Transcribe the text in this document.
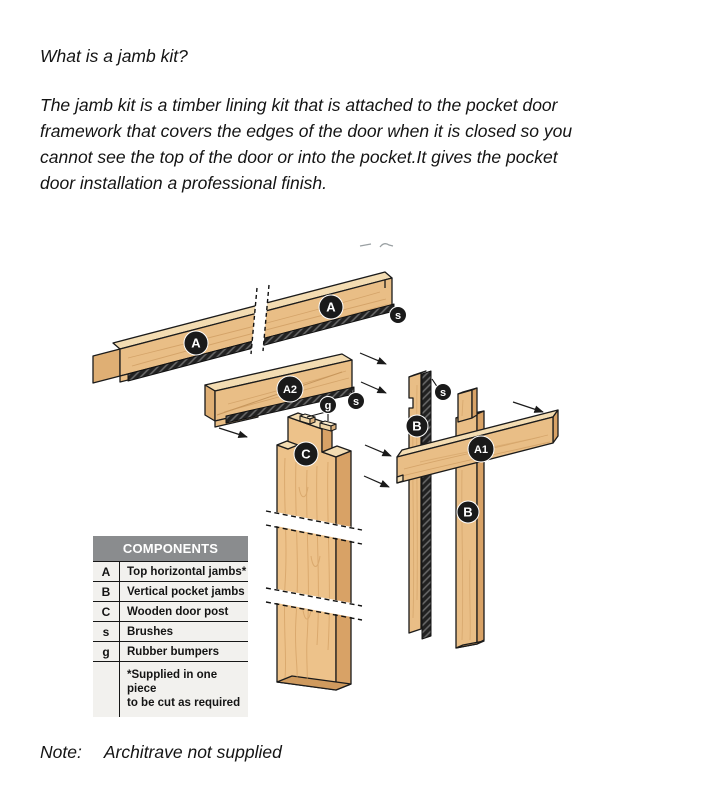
What is a jamb kit?
The jamb kit is a timber lining kit that is attached to the pocket door
framework that covers the edges of the door when it is closed so you
cannot see the top of the door or into the pocket.It gives the pocket
door installation a professional finish.
A
A
s
A2
s
g
C
B
s
B
A1
COMPONENTS
A	Top horizontal jambs*
B	Vertical pocket jambs
C	Wooden door post
s	Brushes
g	Rubber bumpers
*Supplied in one piece
to be cut as required
Note: Architrave not supplied
